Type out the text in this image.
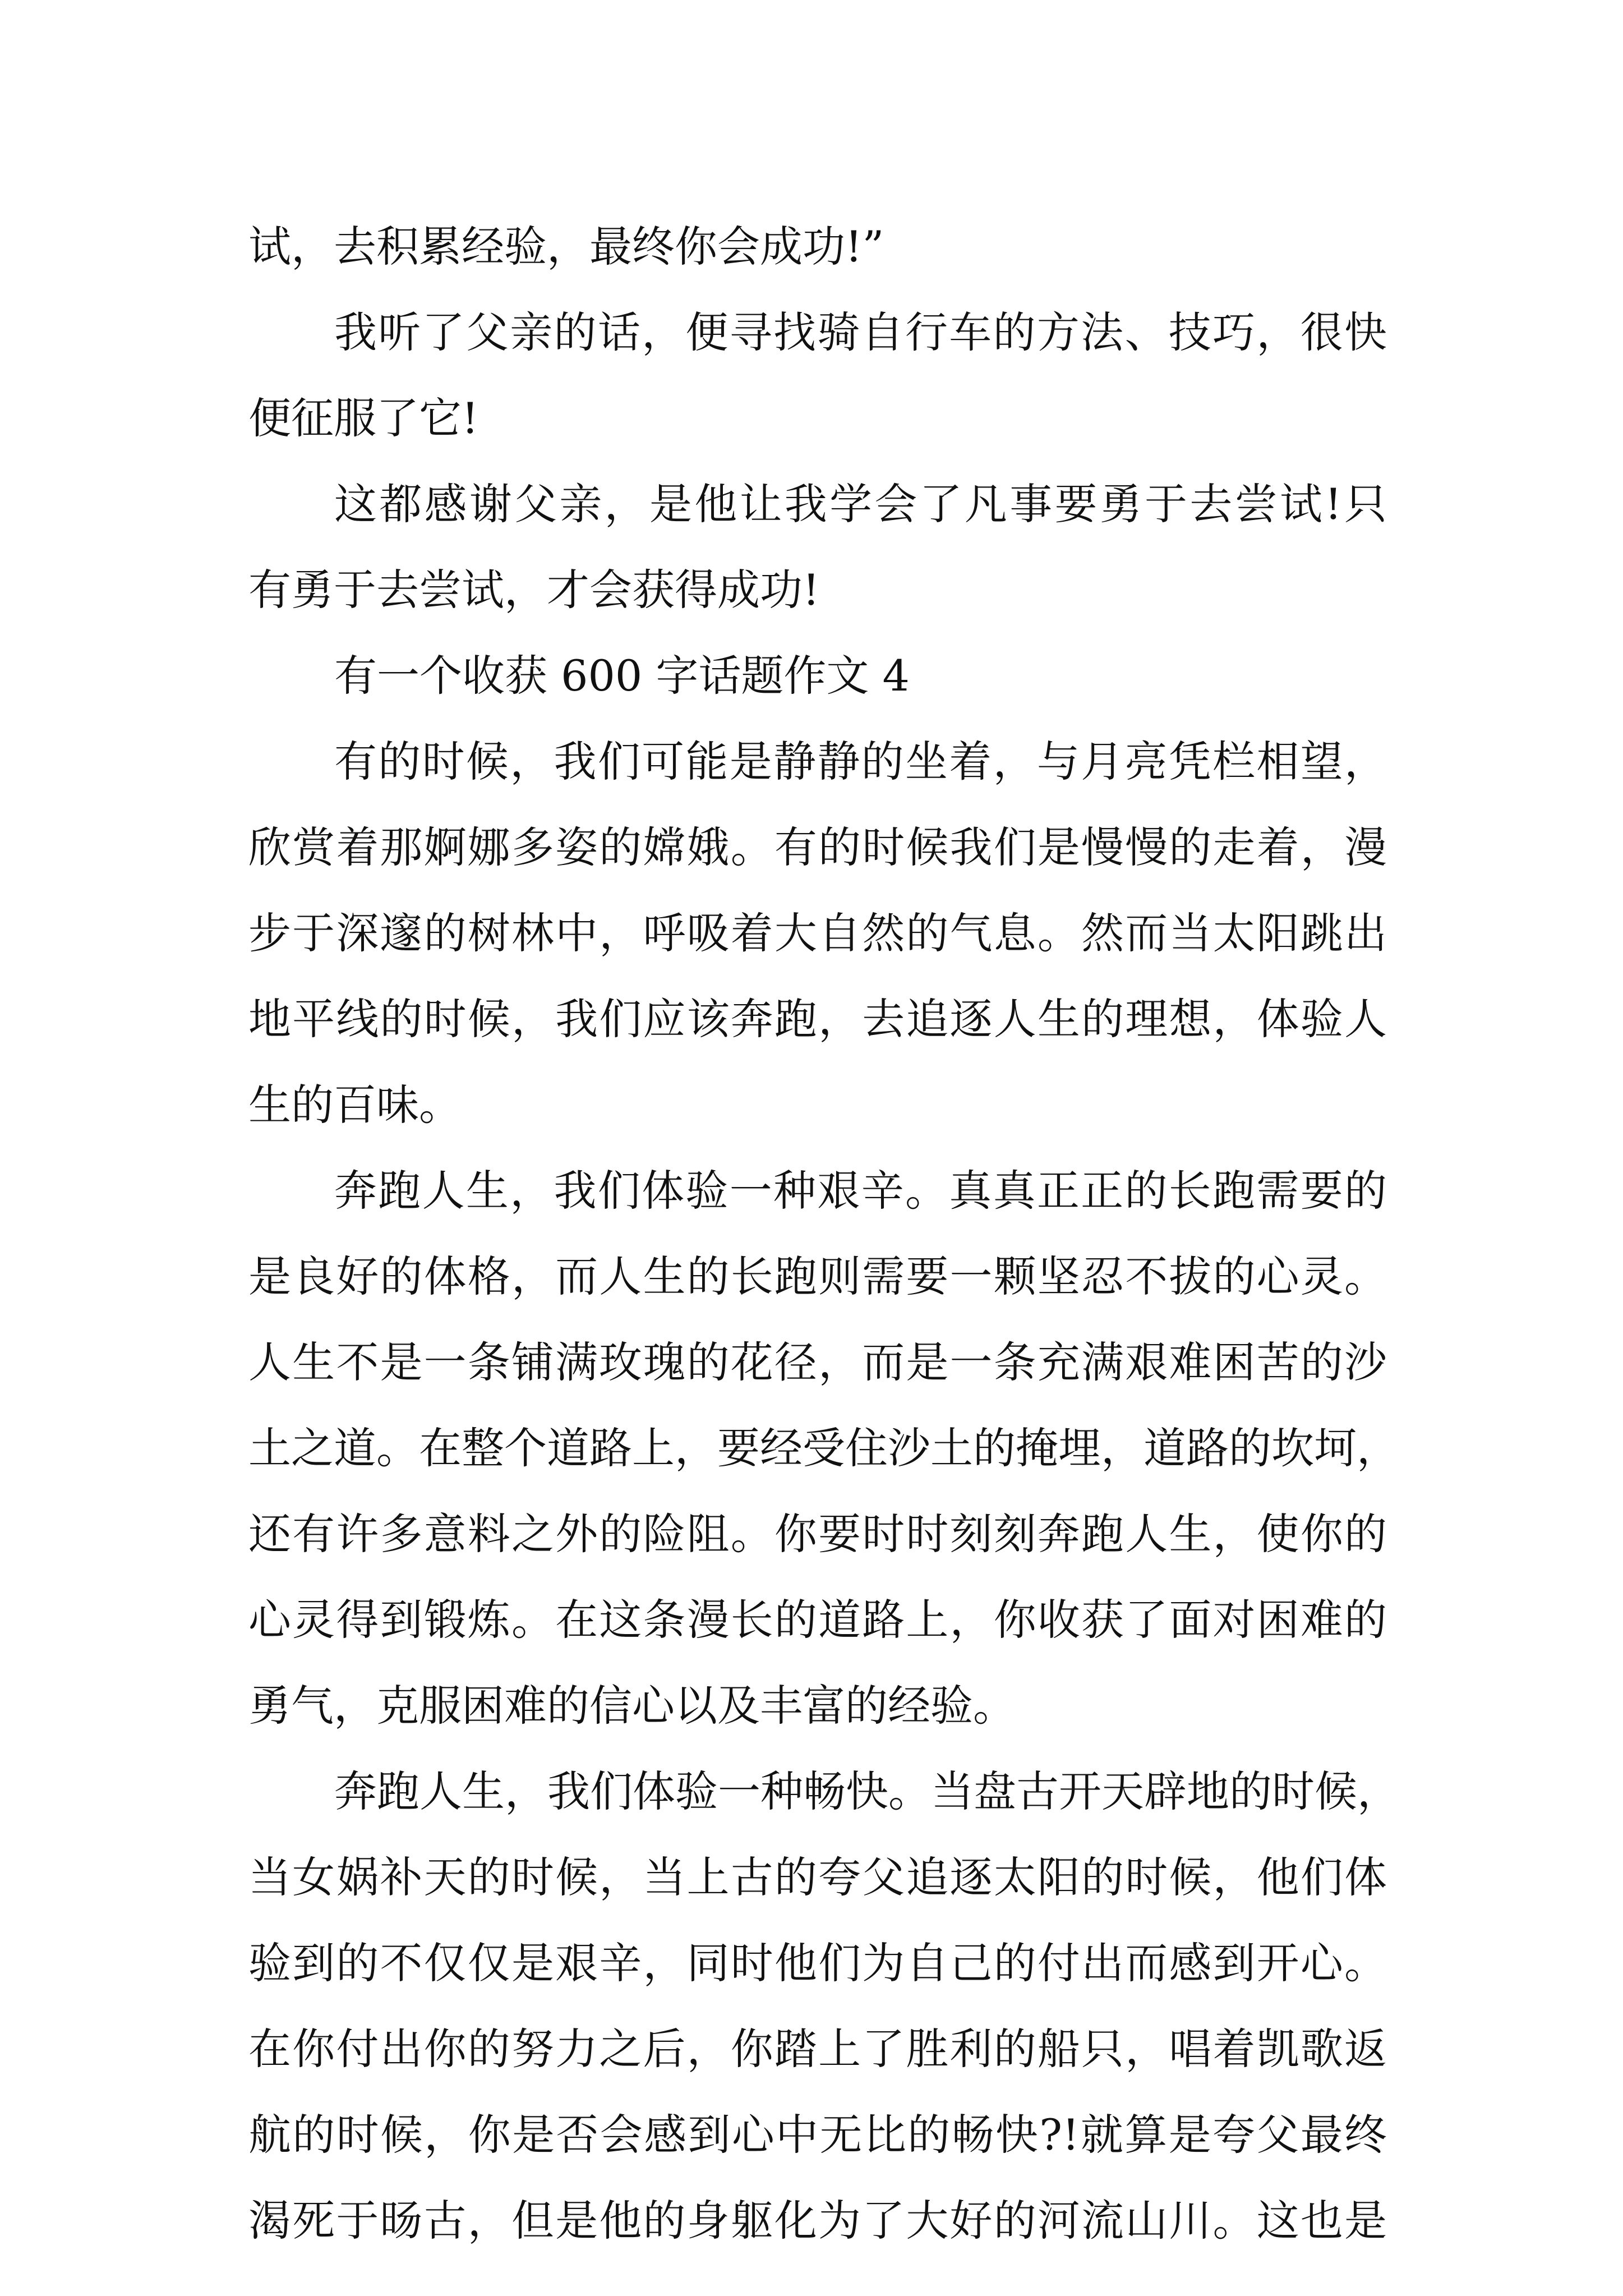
试，去积累经验，最终你会成功!”
我听了父亲的话，便寻找骑自行车的方法、技巧，很快
便征服了它!
这都感谢父亲，是他让我学会了凡事要勇于去尝试!只
有勇于去尝试，才会获得成功!
有一个收获 600 字话题作文 4
有的时候，我们可能是静静的坐着，与月亮凭栏相望，
欣赏着那婀娜多姿的嫦娥。有的时候我们是慢慢的走着，漫
步于深邃的树林中，呼吸着大自然的气息。然而当太阳跳出
地平线的时候，我们应该奔跑，去追逐人生的理想，体验人
生的百味。
奔跑人生，我们体验一种艰辛。真真正正的长跑需要的
是良好的体格，而人生的长跑则需要一颗坚忍不拔的心灵。
人生不是一条铺满玫瑰的花径，而是一条充满艰难困苦的沙
土之道。在整个道路上，要经受住沙土的掩埋，道路的坎坷，
还有许多意料之外的险阻。你要时时刻刻奔跑人生，使你的
心灵得到锻炼。在这条漫长的道路上，你收获了面对困难的
勇气，克服困难的信心以及丰富的经验。
奔跑人生，我们体验一种畅快。当盘古开天辟地的时候，
当女娲补天的时候，当上古的夸父追逐太阳的时候，他们体
验到的不仅仅是艰辛，同时他们为自己的付出而感到开心。
在你付出你的努力之后，你踏上了胜利的船只，唱着凯歌返
航的时候，你是否会感到心中无比的畅快?!就算是夸父最终
渴死于旸古，但是他的身躯化为了大好的河流山川。这也是
